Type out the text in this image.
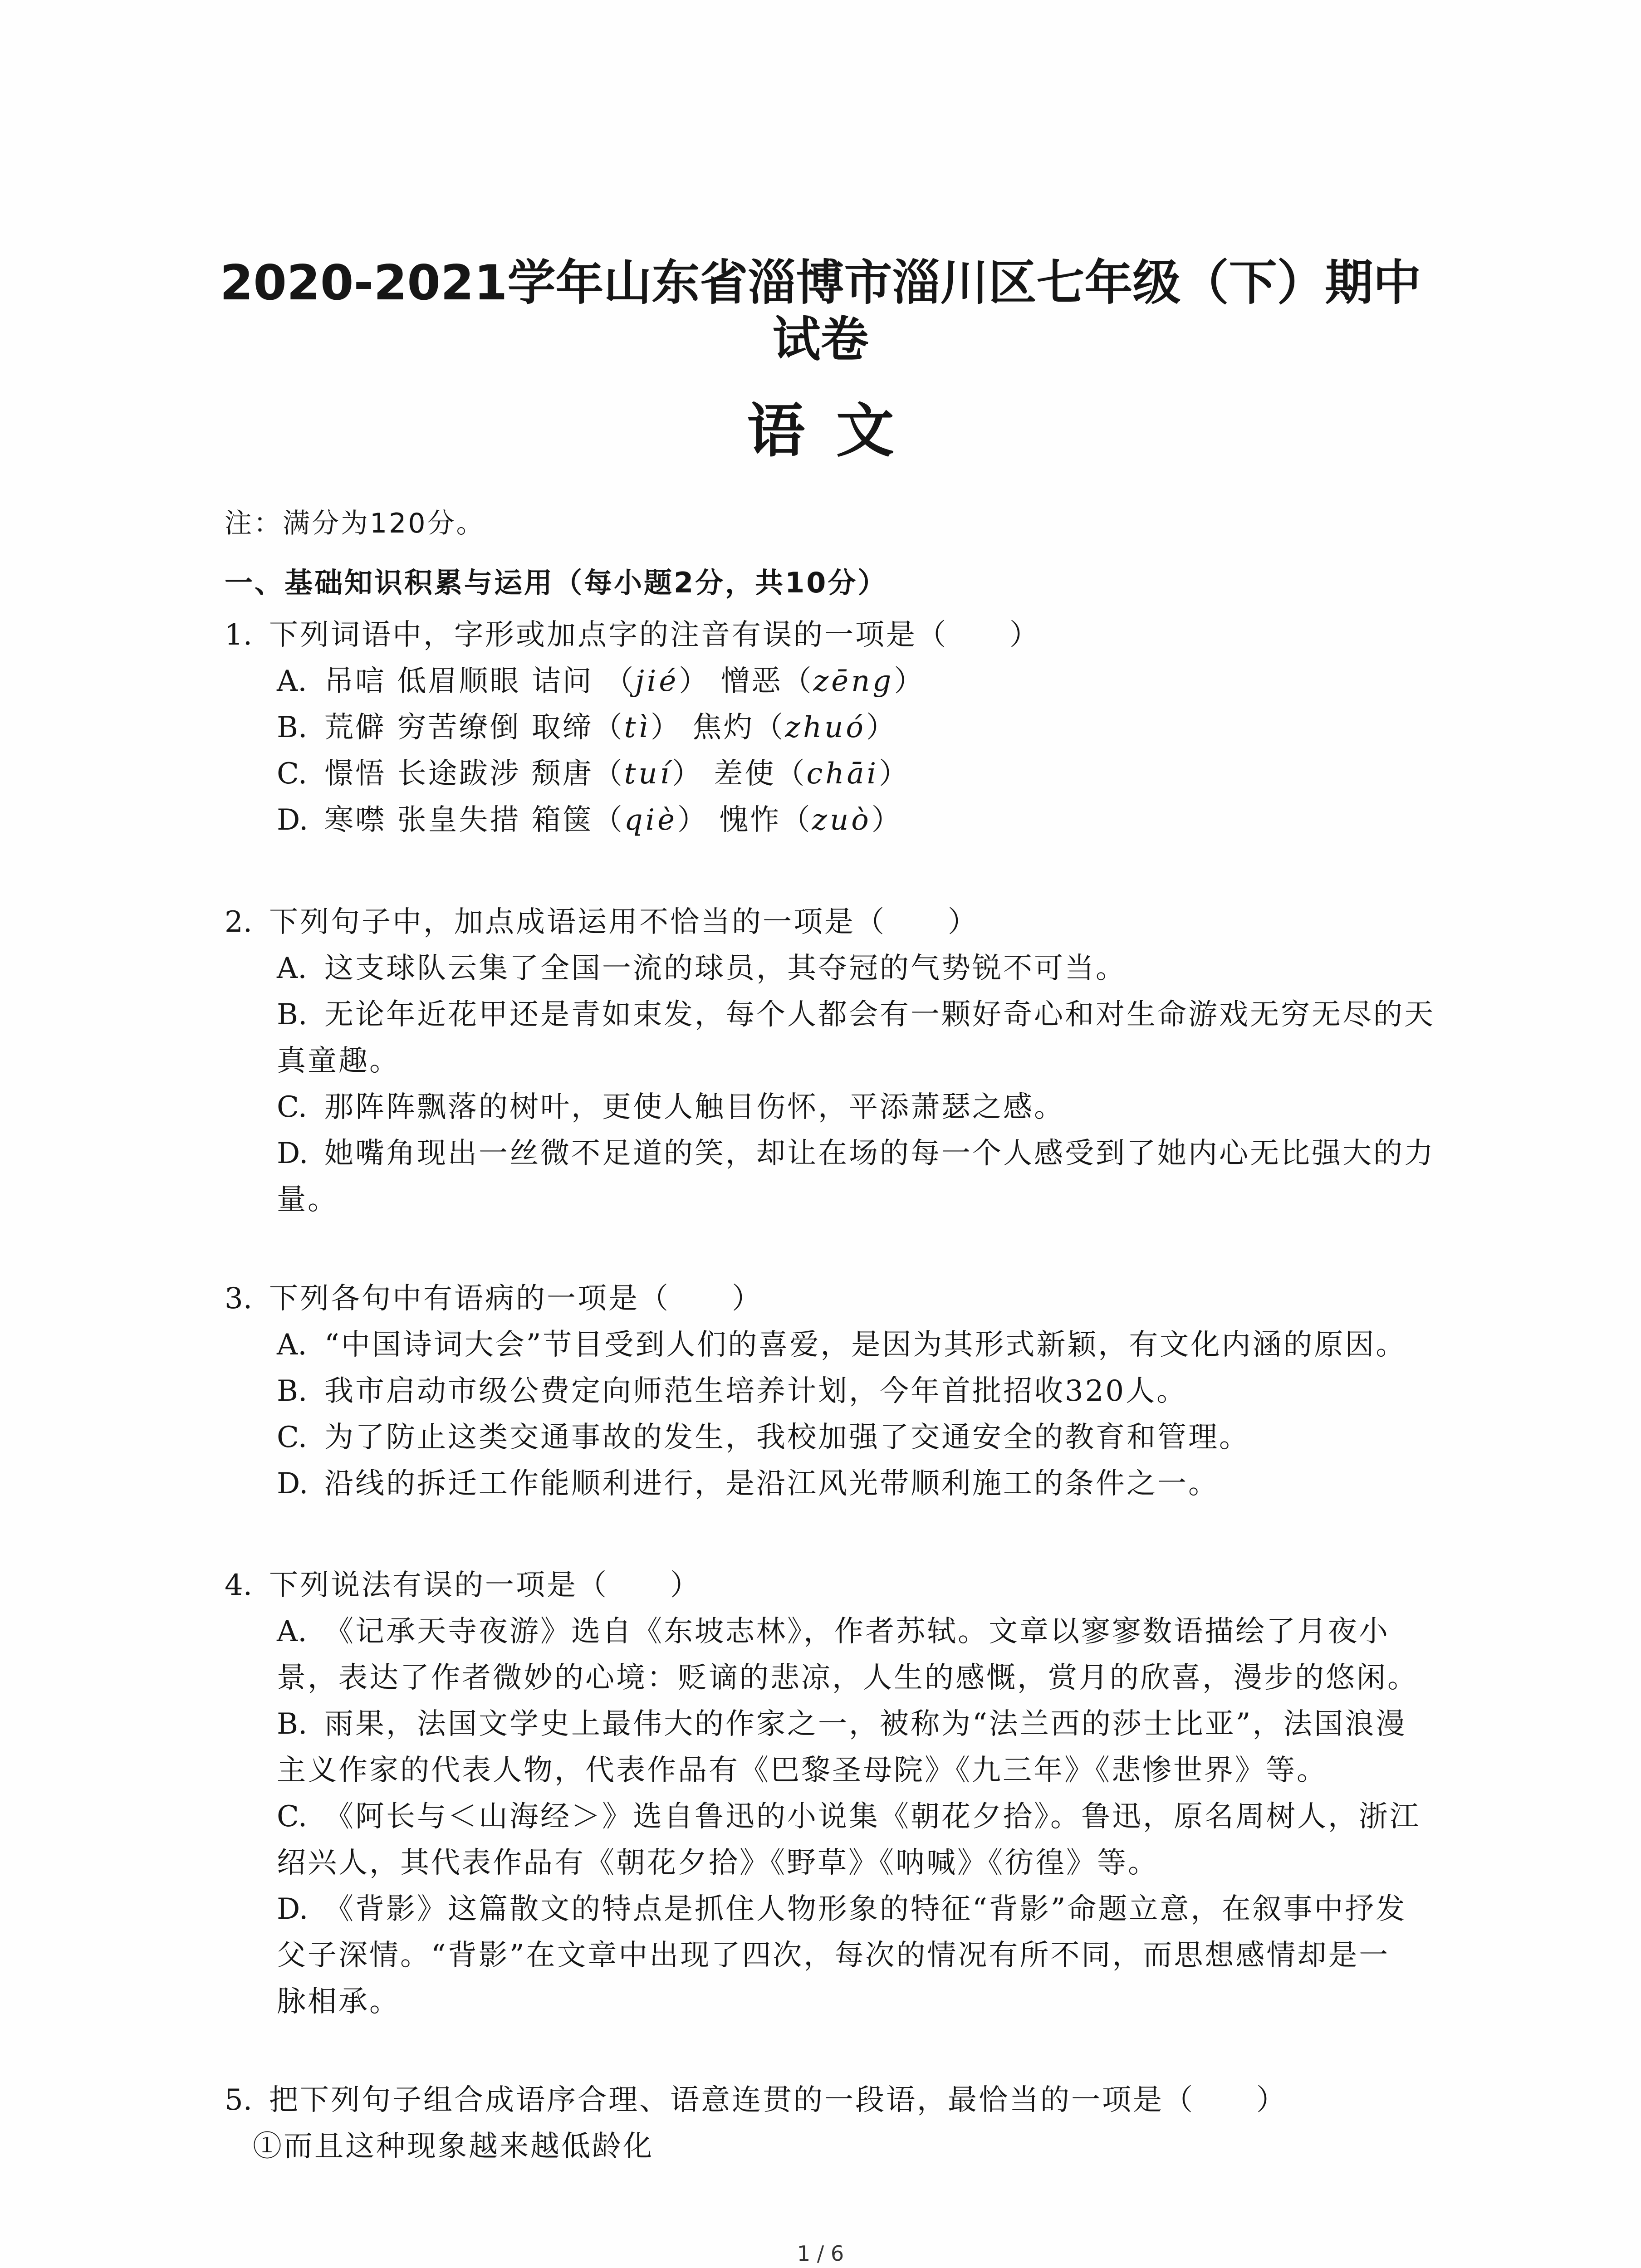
2020-2021学年山东省淄博市淄川区七年级（下）期中
试卷
语 文
注：满分为120分。
一、基础知识积累与运用（每小题2分，共10分）
1. 下列词语中，字形或加点字的注音有误的一项是（　　）
A. 吊唁 低眉顺眼 诘问 （jié） 憎恶（zēng）
B. 荒僻 穷苦缭倒 取缔（tì） 焦灼（zhuó）
C. 憬悟 长途跋涉 颓唐（tuí） 差使（chāi）
D. 寒噤 张皇失措 箱箧（qiè） 愧怍（zuò）
2. 下列句子中，加点成语运用不恰当的一项是（　　）
A. 这支球队云集了全国一流的球员，其夺冠的气势锐不可当。
B. 无论年近花甲还是青如束发，每个人都会有一颗好奇心和对生命游戏无穷无尽的天
真童趣。
C. 那阵阵飘落的树叶，更使人触目伤怀，平添萧瑟之感。
D. 她嘴角现出一丝微不足道的笑，却让在场的每一个人感受到了她内心无比强大的力
量。
3. 下列各句中有语病的一项是（　　）
A. “中国诗词大会”节目受到人们的喜爱，是因为其形式新颖，有文化内涵的原因。
B. 我市启动市级公费定向师范生培养计划，今年首批招收320人。
C. 为了防止这类交通事故的发生，我校加强了交通安全的教育和管理。
D. 沿线的拆迁工作能顺利进行，是沿江风光带顺利施工的条件之一。
4. 下列说法有误的一项是（　　）
A. 《记承天寺夜游》选自《东坡志林》，作者苏轼。文章以寥寥数语描绘了月夜小
景，表达了作者微妙的心境：贬谪的悲凉，人生的感慨，赏月的欣喜，漫步的悠闲。
B. 雨果，法国文学史上最伟大的作家之一，被称为“法兰西的莎士比亚”，法国浪漫
主义作家的代表人物，代表作品有《巴黎圣母院》《九三年》《悲惨世界》等。
C. 《阿长与＜山海经＞》选自鲁迅的小说集《朝花夕拾》。鲁迅，原名周树人，浙江
绍兴人，其代表作品有《朝花夕拾》《野草》《呐喊》《彷徨》等。
D. 《背影》这篇散文的特点是抓住人物形象的特征“背影”命题立意，在叙事中抒发
父子深情。“背影”在文章中出现了四次，每次的情况有所不同，而思想感情却是一
脉相承。
5. 把下列句子组合成语序合理、语意连贯的一段语，最恰当的一项是（　　）
①而且这种现象越来越低龄化
1 / 6
